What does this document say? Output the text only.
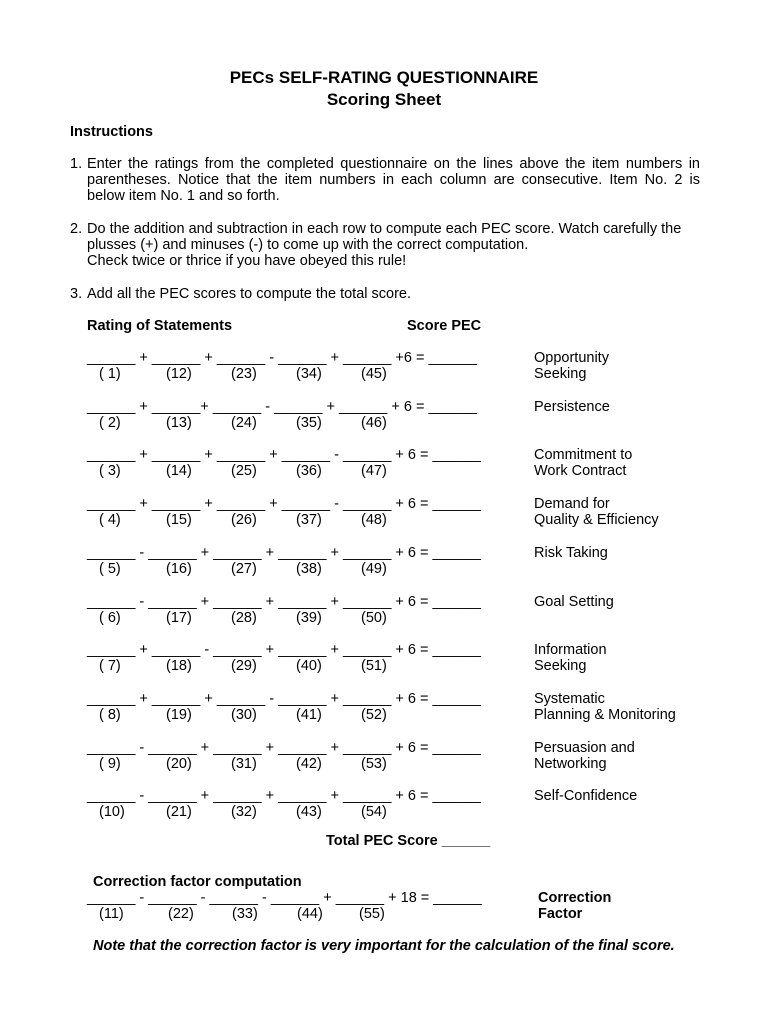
PECs SELF-RATING QUESTIONNAIRE
Scoring Sheet
Instructions
1. Enter the ratings from the completed questionnaire on the lines above the item numbers in
parentheses. Notice that the item numbers in each column are consecutive. Item No. 2 is
below item No. 1 and so forth.
2. Do the addition and subtraction in each row to compute each PEC score. Watch carefully the
plusses (+) and minuses (-) to come up with the correct computation.
Check twice or thrice if you have obeyed this rule!
3. Add all the PEC scores to compute the total score.
Rating of Statements	Score PEC
______ + ______ + ______ - ______ + ______ +6 = ______
( 1)	(12)	(23)	(34)	(45)
Opportunity
Seeking
______ + ______+ ______ - ______ + ______ + 6 = ______
( 2)	(13)	(24)	(35)	(46)
Persistence
______ + ______ + ______ + ______ - ______ + 6 = ______
( 3)	(14)	(25)	(36)	(47)
Commitment to
Work Contract
______ + ______ + ______ + ______ - ______ + 6 = ______
( 4)	(15)	(26)	(37)	(48)
Demand for
Quality & Efficiency
______ - ______ + ______ + ______ + ______ + 6 = ______
( 5)	(16)	(27)	(38)	(49)
Risk Taking
______ - ______ + ______ + ______ + ______ + 6 = ______
( 6)	(17)	(28)	(39)	(50)
Goal Setting
______ + ______ - ______ + ______ + ______ + 6 = ______
( 7)	(18)	(29)	(40)	(51)
Information
Seeking
______ + ______ + ______ - ______ + ______ + 6 = ______
( 8)	(19)	(30)	(41)	(52)
Systematic
Planning & Monitoring
______ - ______ + ______ + ______ + ______ + 6 = ______
( 9)	(20)	(31)	(42)	(53)
Persuasion and
Networking
______ - ______ + ______ + ______ + ______ + 6 = ______
(10)	(21)	(32)	(43)	(54)
Self-Confidence
Total PEC Score ______
Correction factor computation
______ - ______ - ______ - ______ + ______ + 18 = ______
(11)	(22)	(33)	(44) (55)
Correction
Factor
Note that the correction factor is very important for the calculation of the final score.
